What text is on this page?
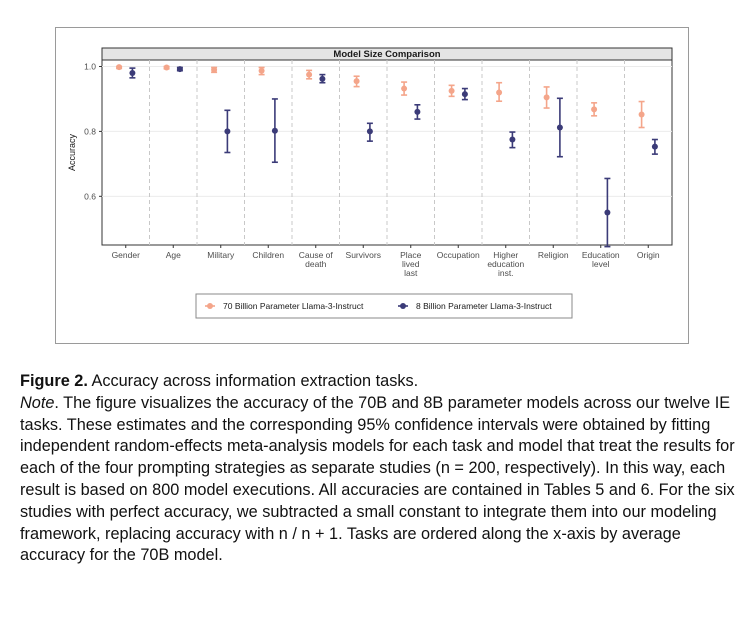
Model Size Comparison
0.6
0.8
1.0
Accuracy
Gender	Age	Military Children Cause of
death
Survivors Place
lived
last
Occupation Higher
education
inst.
Religion Education
level
Origin
70 Billion Parameter Llama-3-Instruct	8 Billion Parameter Llama-3-Instruct

Figure 2. Accuracy across information extraction tasks.

Note. The figure visualizes the accuracy of the 70B and 8B parameter models across our twelve IE tasks. These estimates and the corresponding 95% confidence intervals were obtained by fitting independent random-effects meta-analysis models for each task and model that treat the results for each of the four prompting strategies as separate studies (n = 200, respectively). In this way, each result is based on 800 model executions. All accuracies are contained in Tables 5 and 6. For the six studies with perfect accuracy, we subtracted a small constant to integrate them into our modeling framework, replacing accuracy with n / n + 1. Tasks are ordered along the x-axis by average accuracy for the 70B model.
